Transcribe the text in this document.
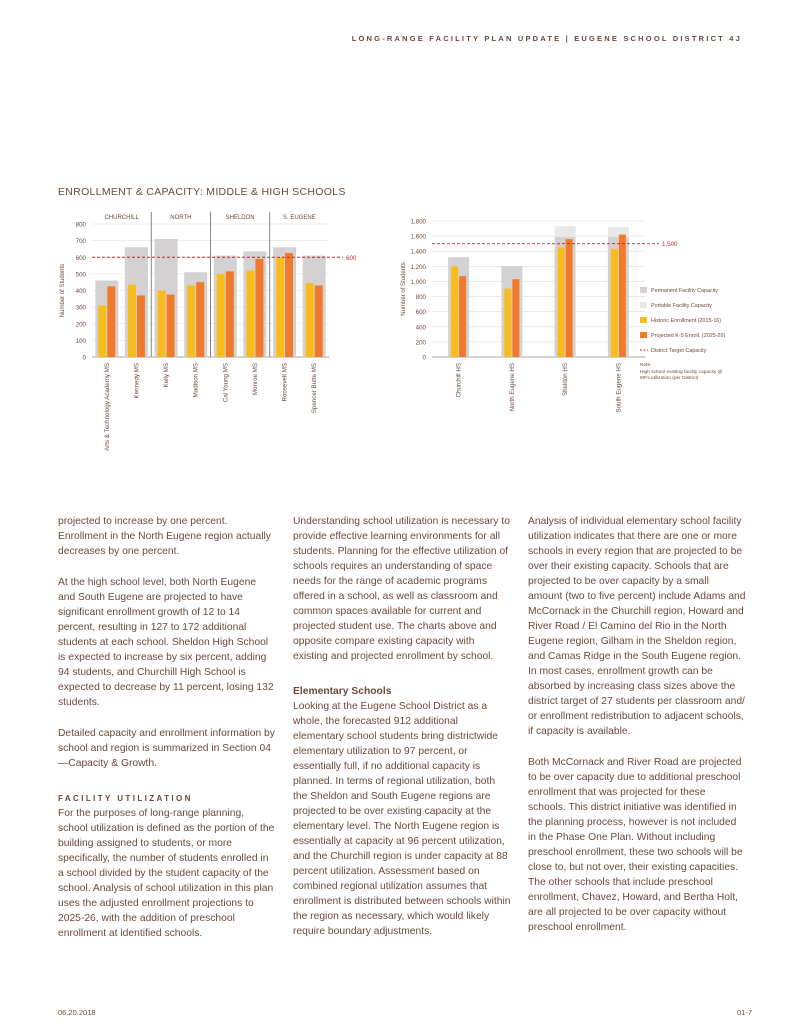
LONG-RANGE FACILITY PLAN UPDATE | EUGENE SCHOOL DISTRICT 4J
ENROLLMENT & CAPACITY: MIDDLE & HIGH SCHOOLS
0
100
200
300
400
500
600
700
800
Number of Students
Arts & Technology Academy MS	Kennedy MS	Kelly MS	Madison MS	Cal Young MS	Monroe MS	Roosevelt MS	Spencer Butte MS
600
CHURCHILL	NORTH	SHELDON	S. EUGENE
0
200
400
600
800
1,000
1,200
1,400
1,600
1,800
Number of Students
Churchill HS	North Eugene HS	Sheldon HS	South Eugene HS
1,500
Permanent Facility Capacity
Portable Facility Capacity
Historic Enrollment (2015-16)
Projected K-5 Enroll. (2025-26)
District Target Capacity
Note:
High school existing facility capacity @
80% utilization (per District)

projected to increase by one percent. Enrollment in the North Eugene region actually decreases by one percent.

At the high school level, both North Eugene and South Eugene are projected to have significant enrollment growth of 12 to 14 percent, resulting in 127 to 172 additional students at each school. Sheldon High School is expected to increase by six percent, adding 94 students, and Churchill High School is expected to decrease by 11 percent, losing 132 students.

Detailed capacity and enrollment information by school and region is summarized in Section 04—Capacity & Growth.

FACILITY UTILIZATION

For the purposes of long-range planning, school utilization is defined as the portion of the building assigned to students, or more specifically, the number of students enrolled in a school divided by the student capacity of the school. Analysis of school utilization in this plan uses the adjusted enrollment projections to 2025-26, with the addition of preschool enrollment at identified schools.

Understanding school utilization is necessary to provide effective learning environments for all students. Planning for the effective utilization of schools requires an understanding of space needs for the range of academic programs offered in a school, as well as classroom and common spaces available for current and projected student use. The charts above and opposite compare existing capacity with existing and projected enrollment by school.

Elementary Schools

Looking at the Eugene School District as a whole, the forecasted 912 additional elementary school students bring districtwide elementary utilization to 97 percent, or essentially full, if no additional capacity is planned. In terms of regional utilization, both the Sheldon and South Eugene regions are projected to be over existing capacity at the elementary level. The North Eugene region is essentially at capacity at 96 percent utilization, and the Churchill region is under capacity at 88 percent utilization. Assessment based on combined regional utilization assumes that enrollment is distributed between schools within the region as necessary, which would likely require boundary adjustments.

Analysis of individual elementary school facility utilization indicates that there are one or more schools in every region that are projected to be over their existing capacity. Schools that are projected to be over capacity by a small amount (two to five percent) include Adams and McCornack in the Churchill region, Howard and River Road / El Camino del Rio in the North Eugene region, Gilham in the Sheldon region, and Camas Ridge in the South Eugene region. In most cases, enrollment growth can be absorbed by increasing class sizes above the district target of 27 students per classroom and/ or enrollment redistribution to adjacent schools, if capacity is available.

Both McCornack and River Road are projected to be over capacity due to additional preschool enrollment that was projected for these schools. This district initiative was identified in the planning process, however is not included in the Phase One Plan. Without including preschool enrollment, these two schools will be close to, but not over, their existing capacities. The other schools that include preschool enrollment, Chavez, Howard, and Bertha Holt, are all projected to be over capacity without preschool enrollment.

06.20.2018	01-7
